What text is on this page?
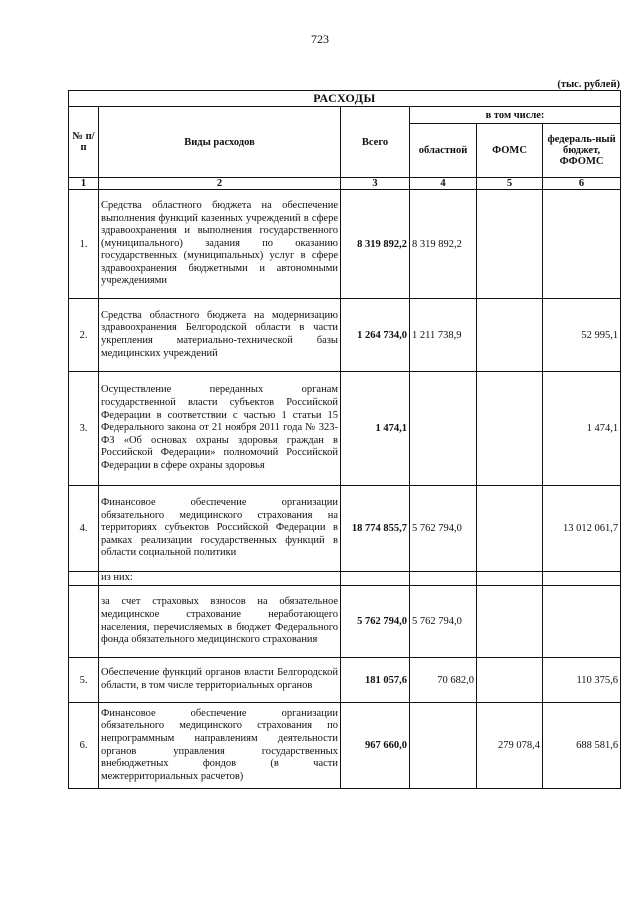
723
(тыс. рублей)
РАСХОДЫ					
№ п/п	Виды расходов	Всего	в том числе:		
			областной	ФОМС	федераль-ный бюджет, ФФОМС
1	2	3	4	5	6
1.	Средства областного бюджета на обеспечение выполнения функций казенных учреждений в сфере здравоохранения и выполнения государственного (муниципального) задания по оказанию государственных (муниципальных) услуг в сфере здравоохранения бюджетными и автономными учреждениями	8 319 892,2	8 319 892,2		
2.	Средства областного бюджета на модернизацию здравоохранения Белгородской области в части укрепления материально-технической базы медицинских учреждений	1 264 734,0	1 211 738,9		52 995,1
3.	Осуществление переданных органам государственной власти субъектов Российской Федерации в соответствии с частью 1 статьи 15 Федерального закона от 21 ноября 2011 года № 323-ФЗ «Об основах охраны здоровья граждан в Российской Федерации» полномочий Российской Федерации в сфере охраны здоровья	1 474,1			1 474,1
4.	Финансовое обеспечение организации обязательного медицинского страхования на территориях субъектов Российской Федерации в рамках реализации государственных функций в области социальной политики	18 774 855,7	5 762 794,0		13 012 061,7
	из них:				
	за счет страховых взносов на обязательное медицинское страхование неработающего населения, перечисляемых в бюджет Федерального фонда обязательного медицинского страхования	5 762 794,0	5 762 794,0		
5.	Обеспечение функций органов власти Белгородской области, в том числе территориальных органов	181 057,6	70 682,0		110 375,6
6.	Финансовое обеспечение организации обязательного медицинского страхования по непрограммным направлениям деятельности органов управления государственных внебюджетных фондов (в части межтерриториальных расчетов)	967 660,0		279 078,4	688 581,6
